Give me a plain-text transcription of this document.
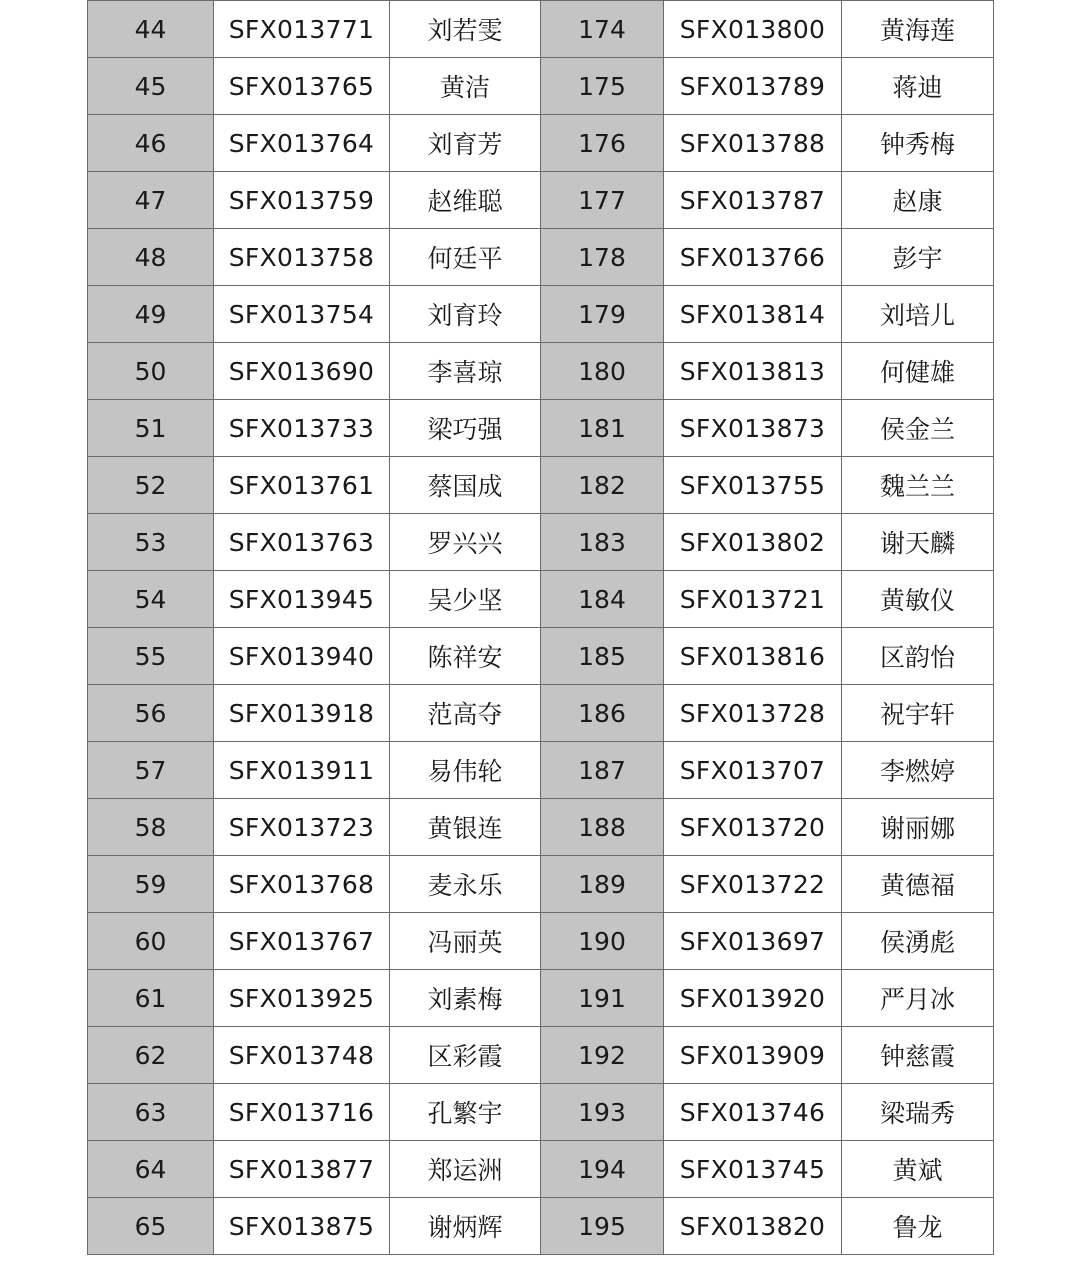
44	SFX013771	刘若雯	174	SFX013800	黄海莲
45	SFX013765	黄洁	175	SFX013789	蒋迪
46	SFX013764	刘育芳	176	SFX013788	钟秀梅
47	SFX013759	赵维聪	177	SFX013787	赵康
48	SFX013758	何廷平	178	SFX013766	彭宇
49	SFX013754	刘育玲	179	SFX013814	刘培儿
50	SFX013690	李喜琼	180	SFX013813	何健雄
51	SFX013733	梁巧强	181	SFX013873	侯金兰
52	SFX013761	蔡国成	182	SFX013755	魏兰兰
53	SFX013763	罗兴兴	183	SFX013802	谢天麟
54	SFX013945	吴少坚	184	SFX013721	黄敏仪
55	SFX013940	陈祥安	185	SFX013816	区韵怡
56	SFX013918	范高夺	186	SFX013728	祝宇轩
57	SFX013911	易伟轮	187	SFX013707	李燃婷
58	SFX013723	黄银连	188	SFX013720	谢丽娜
59	SFX013768	麦永乐	189	SFX013722	黄德福
60	SFX013767	冯丽英	190	SFX013697	侯湧彪
61	SFX013925	刘素梅	191	SFX013920	严月冰
62	SFX013748	区彩霞	192	SFX013909	钟慈霞
63	SFX013716	孔繁宇	193	SFX013746	梁瑞秀
64	SFX013877	郑运洲	194	SFX013745	黄斌
65	SFX013875	谢炳辉	195	SFX013820	鲁龙
